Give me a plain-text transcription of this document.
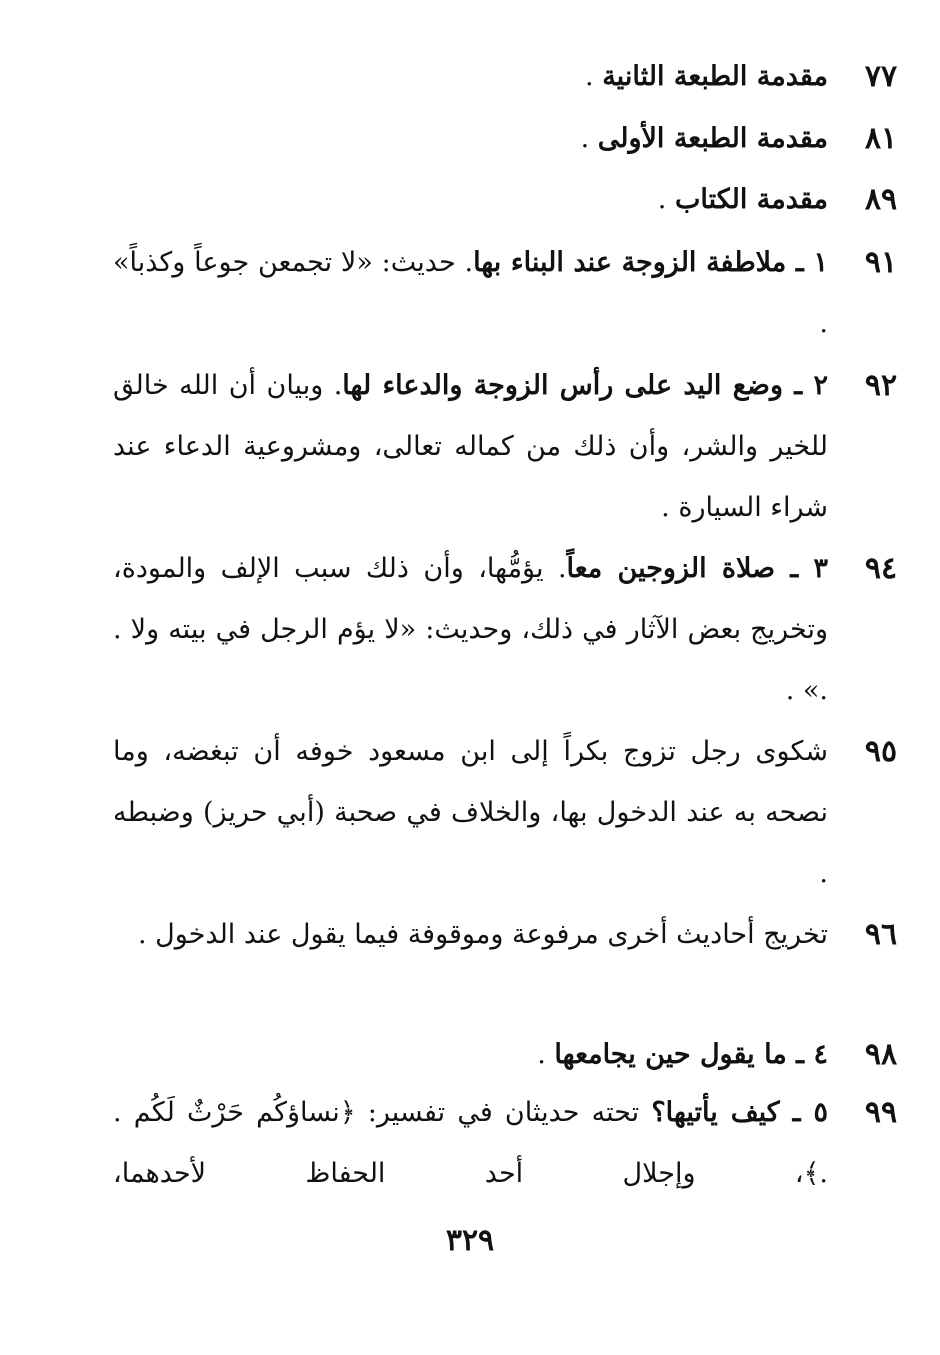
٧٧
مقدمة الطبعة الثانية .
٨١
مقدمة الطبعة الأولى .
٨٩
مقدمة الكتاب .
٩١
١ ـ ملاطفة الزوجة عند البناء بها. حديث: «لا تجمعن جوعاً وكذباً» .
٩٢
٢ ـ وضع اليد على رأس الزوجة والدعاء لها. وبيان أن الله خالق للخير والشر، وأن ذلك من كماله تعالى، ومشروعية الدعاء عند شراء السيارة .
٩٤
٣ ـ صلاة الزوجين معاً. يؤمُّها، وأن ذلك سبب الإلف والمودة، وتخريج بعض الآثار في ذلك، وحديث: «لا يؤم الرجل في بيته ولا . .» .
٩٥
شكوى رجل تزوج بكراً إلى ابن مسعود خوفه أن تبغضه، وما نصحه به عند الدخول بها، والخلاف في صحبة (أبي حريز) وضبطه .
٩٦
تخريج أحاديث أخرى مرفوعة وموقوفة فيما يقول عند الدخول .
٩٨
٤ ـ ما يقول حين يجامعها .
٩٩
٥ ـ كيف يأتيها؟ تحته حديثان في تفسير: ﴿نساؤكُم حَرْثٌ لَكُم . .﴾، وإجلال أحد الحفاظ لأحدهما،
٣٢٩
